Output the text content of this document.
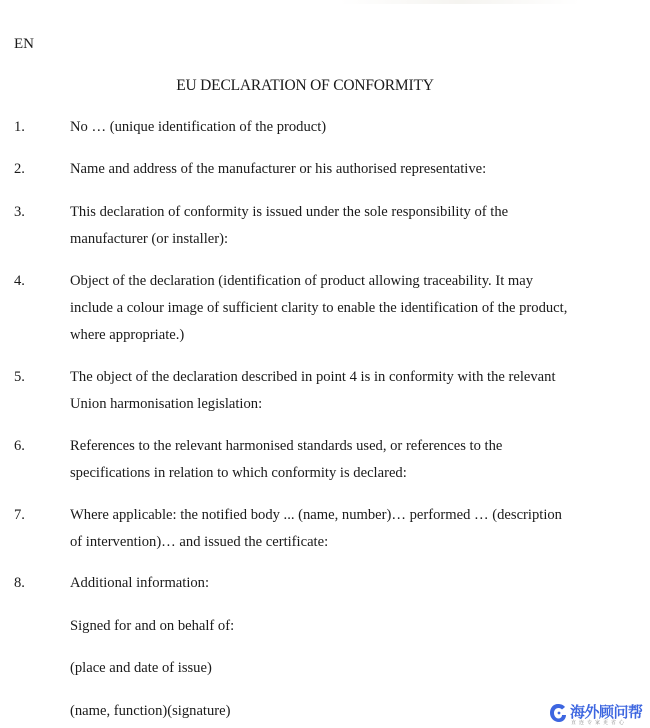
EN
EU DECLARATION OF CONFORMITY
1.	No … (unique identification of the product)
2.	Name and address of the manufacturer or his authorised representative:
3.	This declaration of conformity is issued under the sole responsibility of the
manufacturer (or installer):
4.	Object of the declaration (identification of product allowing traceability. It may
include a colour image of sufficient clarity to enable the identification of the product,
where appropriate.)
5.	The object of the declaration described in point 4 is in conformity with the relevant
Union harmonisation legislation:
6.	References to the relevant harmonised standards used, or references to the
specifications in relation to which conformity is declared:
7.	Where applicable: the notified body ... (name, number)… performed … (description
of intervention)… and issued the certificate:
8.	Additional information:
Signed for and on behalf of:
(place and date of issue)
(name, function)(signature)	海外顾问帮
直连专家更省心
